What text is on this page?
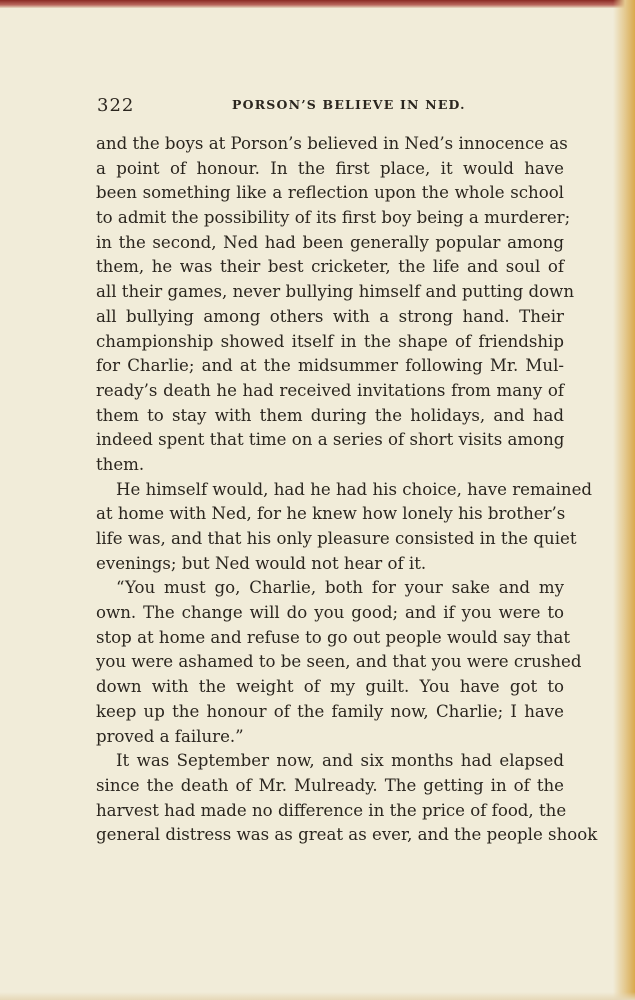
322	PORSON’S BELIEVE IN NED.
and the boys at Porson’s believed in Ned’s innocence as
a point of honour. In the first place, it would have
been something like a reflection upon the whole school
to admit the possibility of its first boy being a murderer;
in the second, Ned had been generally popular among
them, he was their best cricketer, the life and soul of
all their games, never bullying himself and putting down
all bullying among others with a strong hand. Their
championship showed itself in the shape of friendship
for Charlie; and at the midsummer following Mr. Mul-
ready’s death he had received invitations from many of
them to stay with them during the holidays, and had
indeed spent that time on a series of short visits among
them.
He himself would, had he had his choice, have remained
at home with Ned, for he knew how lonely his brother’s
life was, and that his only pleasure consisted in the quiet
evenings; but Ned would not hear of it.
“You must go, Charlie, both for your sake and my
own. The change will do you good; and if you were to
stop at home and refuse to go out people would say that
you were ashamed to be seen, and that you were crushed
down with the weight of my guilt. You have got to
keep up the honour of the family now, Charlie; I have
proved a failure.”
It was September now, and six months had elapsed
since the death of Mr. Mulready. The getting in of the
harvest had made no difference in the price of food, the
general distress was as great as ever, and the people shook
